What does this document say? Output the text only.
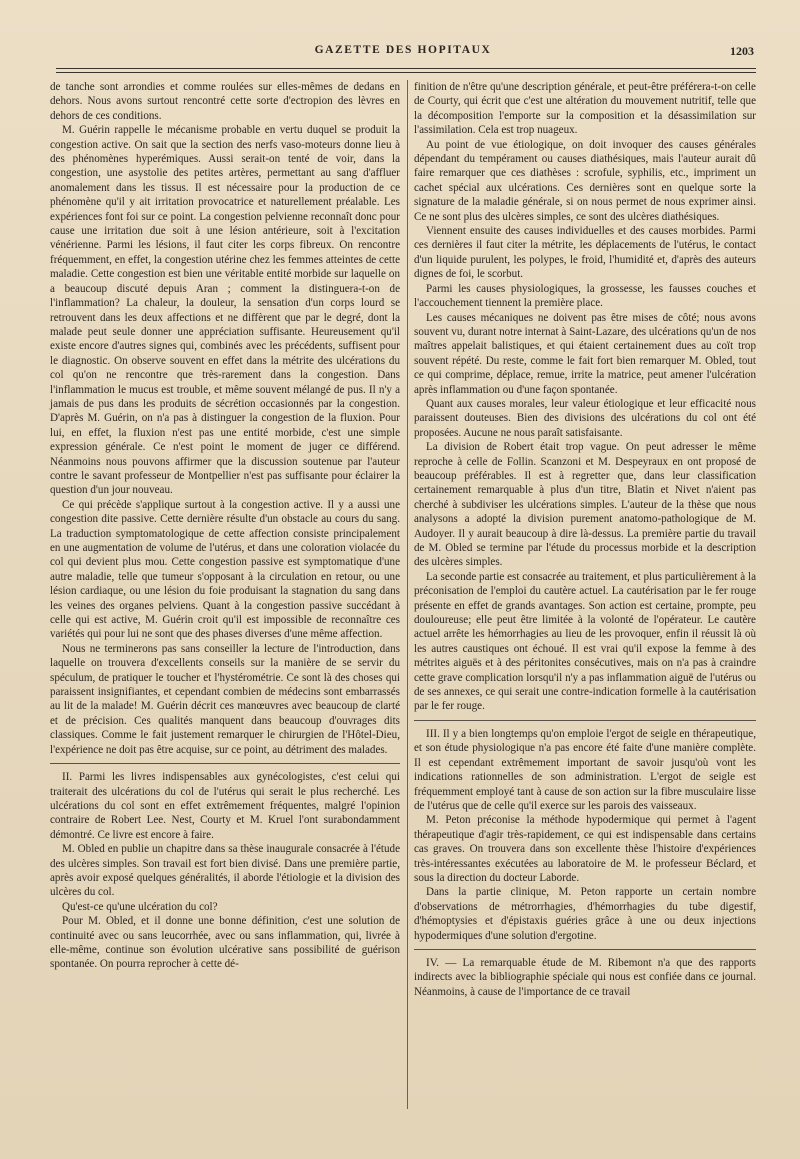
GAZETTE DES HOPITAUX	1203

de tanche sont arrondies et comme roulées sur elles-mêmes de dedans en dehors. Nous avons surtout rencontré cette sorte d'ectropion des lèvres en dehors de ces conditions.

M. Guérin rappelle le mécanisme probable en vertu duquel se produit la congestion active. On sait que la section des nerfs vaso-moteurs donne lieu à des phénomènes hyperémiques. Aussi serait-on tenté de voir, dans la congestion, une asystolie des petites artères, permettant au sang d'affluer anomalement dans les tissus. Il est nécessaire pour la production de ce phénomène qu'il y ait irritation provocatrice et naturellement préalable. Les expériences font foi sur ce point. La congestion pelvienne reconnaît donc pour cause une irritation due soit à une lésion antérieure, soit à l'excitation vénérienne. Parmi les lésions, il faut citer les corps fibreux. On rencontre fréquemment, en effet, la congestion utérine chez les femmes atteintes de cette maladie. Cette congestion est bien une véritable entité morbide sur laquelle on a beaucoup discuté depuis Aran ; comment la distinguera-t-on de l'inflammation? La chaleur, la douleur, la sensation d'un corps lourd se retrouvent dans les deux affections et ne diffèrent que par le degré, dont la malade peut seule donner une appréciation suffisante. Heureusement qu'il existe encore d'autres signes qui, combinés avec les précédents, suffisent pour le diagnostic. On observe souvent en effet dans la métrite des ulcérations du col qu'on ne rencontre que très-rarement dans la congestion. Dans l'inflammation le mucus est trouble, et même souvent mélangé de pus. Il n'y a jamais de pus dans les produits de sécrétion occasionnés par la congestion. D'après M. Guérin, on n'a pas à distinguer la congestion de la fluxion. Pour lui, en effet, la fluxion n'est pas une entité morbide, c'est une simple expression générale. Ce n'est point le moment de juger ce différend. Néanmoins nous pouvons affirmer que la discussion soutenue par l'auteur contre le savant professeur de Montpellier n'est pas suffisante pour éclairer la question d'un jour nouveau.

Ce qui précède s'applique surtout à la congestion active. Il y a aussi une congestion dite passive. Cette dernière résulte d'un obstacle au cours du sang. La traduction symptomatologique de cette affection consiste principalement en une augmentation de volume de l'utérus, et dans une coloration violacée du col qui devient plus mou. Cette congestion passive est symptomatique d'une autre maladie, telle que tumeur s'opposant à la circulation en retour, ou une lésion cardiaque, ou une lésion du foie produisant la stagnation du sang dans les veines des organes pelviens. Quant à la congestion passive succédant à celle qui est active, M. Guérin croit qu'il est impossible de reconnaître ces variétés qui pour lui ne sont que des phases diverses d'une même affection.

Nous ne terminerons pas sans conseiller la lecture de l'introduction, dans laquelle on trouvera d'excellents conseils sur la manière de se servir du spéculum, de pratiquer le toucher et l'hystérométrie. Ce sont là des choses qui paraissent insignifiantes, et cependant combien de médecins sont embarrassés au lit de la malade! M. Guérin décrit ces manœuvres avec beaucoup de clarté et de précision. Ces qualités manquent dans beaucoup d'ouvrages dits classiques. Comme le fait justement remarquer le chirurgien de l'Hôtel-Dieu, l'expérience ne doit pas être acquise, sur ce point, au détriment des malades.

II. Parmi les livres indispensables aux gynécologistes, c'est celui qui traiterait des ulcérations du col de l'utérus qui serait le plus recherché. Les ulcérations du col sont en effet extrêmement fréquentes, malgré l'opinion contraire de Robert Lee. Nest, Courty et M. Kruel l'ont surabondamment démontré. Ce livre est encore à faire.

M. Obled en publie un chapitre dans sa thèse inaugurale consacrée à l'étude des ulcères simples. Son travail est fort bien divisé. Dans une première partie, après avoir exposé quelques généralités, il aborde l'étiologie et la division des ulcères du col.

Qu'est-ce qu'une ulcération du col?

Pour M. Obled, et il donne une bonne définition, c'est une solution de continuité avec ou sans leucorrhée, avec ou sans inflammation, qui, livrée à elle-même, continue son évolution ulcérative sans possibilité de guérison spontanée. On pourra reprocher à cette dé-

finition de n'être qu'une description générale, et peut-être préférera-t-on celle de Courty, qui écrit que c'est une altération du mouvement nutritif, telle que la décomposition l'emporte sur la composition et la désassimilation sur l'assimilation. Cela est trop nuageux.

Au point de vue étiologique, on doit invoquer des causes générales dépendant du tempérament ou causes diathésiques, mais l'auteur aurait dû faire remarquer que ces diathèses : scrofule, syphilis, etc., impriment un cachet spécial aux ulcérations. Ces dernières sont en quelque sorte la signature de la maladie générale, si on nous permet de nous exprimer ainsi. Ce ne sont plus des ulcères simples, ce sont des ulcères diathésiques.

Viennent ensuite des causes individuelles et des causes morbides. Parmi ces dernières il faut citer la métrite, les déplacements de l'utérus, le contact d'un liquide purulent, les polypes, le froid, l'humidité et, d'après des auteurs dignes de foi, le scorbut.

Parmi les causes physiologiques, la grossesse, les fausses couches et l'accouchement tiennent la première place.

Les causes mécaniques ne doivent pas être mises de côté; nous avons souvent vu, durant notre internat à Saint-Lazare, des ulcérations qu'un de nos maîtres appelait balistiques, et qui étaient certainement dues au coït trop souvent répété. Du reste, comme le fait fort bien remarquer M. Obled, tout ce qui comprime, déplace, remue, irrite la matrice, peut amener l'ulcération après inflammation ou d'une façon spontanée.

Quant aux causes morales, leur valeur étiologique et leur efficacité nous paraissent douteuses. Bien des divisions des ulcérations du col ont été proposées. Aucune ne nous paraît satisfaisante.

La division de Robert était trop vague. On peut adresser le même reproche à celle de Follin. Scanzoni et M. Despeyraux en ont proposé de beaucoup préférables. Il est à regretter que, dans leur classification certainement remarquable à plus d'un titre, Blatin et Nivet n'aient pas cherché à subdiviser les ulcérations simples. L'auteur de la thèse que nous analysons a adopté la division purement anatomo-pathologique de M. Audoyer. Il y aurait beaucoup à dire là-dessus. La première partie du travail de M. Obled se termine par l'étude du processus morbide et la description des ulcères simples.

La seconde partie est consacrée au traitement, et plus particulièrement à la préconisation de l'emploi du cautère actuel. La cautérisation par le fer rouge présente en effet de grands avantages. Son action est certaine, prompte, peu douloureuse; elle peut être limitée à la volonté de l'opérateur. Le cautère actuel arrête les hémorrhagies au lieu de les provoquer, enfin il réussit là où les autres caustiques ont échoué. Il est vrai qu'il expose la femme à des métrites aiguës et à des péritonites consécutives, mais on n'a pas à craindre cette grave complication lorsqu'il n'y a pas inflammation aiguë de l'utérus ou de ses annexes, ce qui serait une contre-indication formelle à la cautérisation par le fer rouge.

III. Il y a bien longtemps qu'on emploie l'ergot de seigle en thérapeutique, et son étude physiologique n'a pas encore été faite d'une manière complète. Il est cependant extrêmement important de savoir jusqu'où vont les indications rationnelles de son administration. L'ergot de seigle est fréquemment employé tant à cause de son action sur la fibre musculaire lisse de l'utérus que de celle qu'il exerce sur les parois des vaisseaux.

M. Peton préconise la méthode hypodermique qui permet à l'agent thérapeutique d'agir très-rapidement, ce qui est indispensable dans certains cas graves. On trouvera dans son excellente thèse l'histoire d'expériences très-intéressantes exécutées au laboratoire de M. le professeur Béclard, et sous la direction du docteur Laborde.

Dans la partie clinique, M. Peton rapporte un certain nombre d'observations de métrorrhagies, d'hémorrhagies du tube digestif, d'hémoptysies et d'épistaxis guéries grâce à une ou deux injections hypodermiques d'une solution d'ergotine.

IV. — La remarquable étude de M. Ribemont n'a que des rapports indirects avec la bibliographie spéciale qui nous est confiée dans ce journal. Néanmoins, à cause de l'importance de ce travail
